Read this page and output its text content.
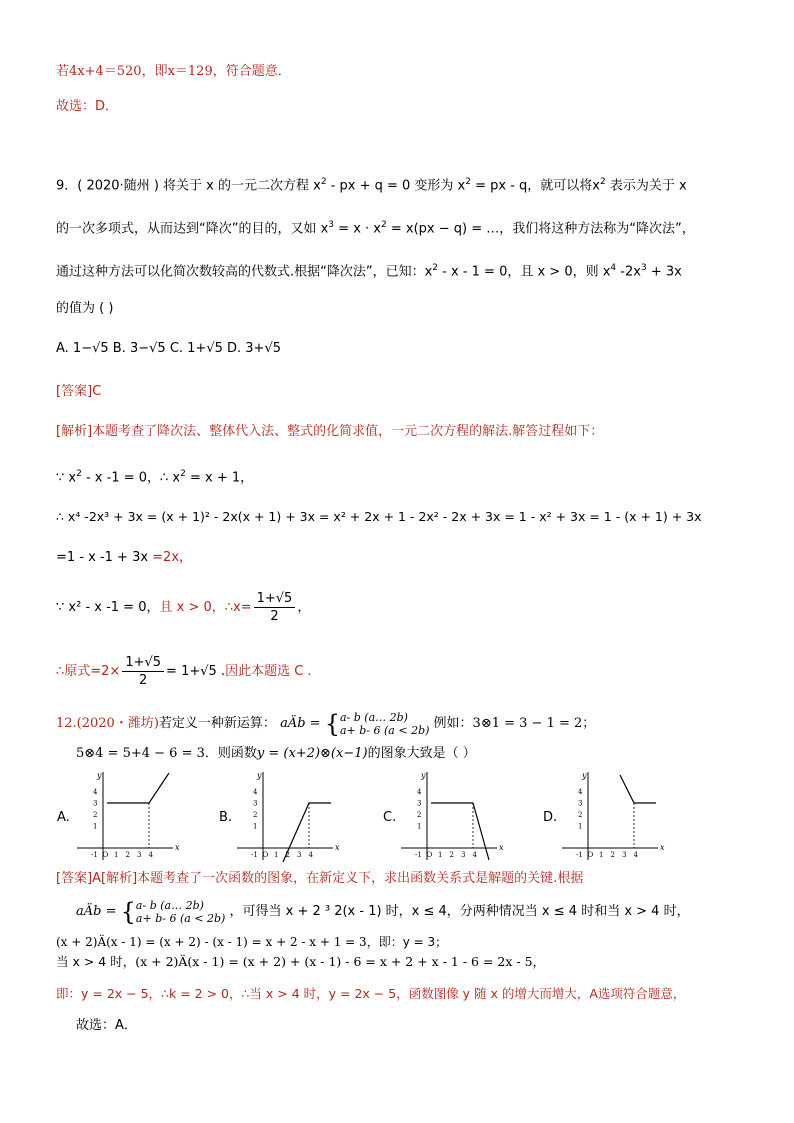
若4x+4＝520，即x＝129，符合题意．
故选：D．
9．( 2020·随州 ) 将关于 x 的一元二次方程 $x^2$ - px + q = 0 变形为 $x^2$ = px - q，就可以将$x^2$ 表示为关于 x
的一次多项式，从而达到“降次”的目的，又如 $x^3 = x \cdot x^2 = x(px - q)$ = …，我们将这种方法称为“降次法”，
通过这种方法可以化简次数较高的代数式.根据“降次法”，已知：$x^2 - x - 1 = 0$，且 x > 0，则 $x^4$ $-2x^3 + 3x$
的值为 ( )
A. 1−√5 B. 3−√5 C. 1+√5 D. 3+√5
[答案]C
[解析]本题考查了降次法、整体代入法、整式的化简求值，一元二次方程的解法.解答过程如下：
∵ $x^2$ - x -1 = 0，∴ $x^2 = x + 1$，
∴ x⁴ -2x³ + 3x = (x + 1)² - 2x(x + 1) + 3x = x² + 2x + 1 - 2x² - 2x + 3x = 1 - x² + 3x = 1 - (x + 1) + 3x
=1 - x -1 + 3x =2x，
∵ x² - x -1 = 0，且 x > 0，∴x= $\frac{1+√5}{2}$ ，
∴原式$=2\times \frac{1+√5}{2} = 1+√5$ .因此本题选 C .
12.(2020・潍坊)若定义一种新运算： aÄb = { a- b (a… 2b)
a+ b- 6 (a < 2b) 例如：3⊗1 = 3 − 1 = 2；
5⊗4 = 5+4 − 6 = 3．则函数y = (x+2)⊗(x−1)的图象大致是（ ）
A.	B.	C.	D.
x
y
4
3
2
1
-1 O 1 2 3 4
x
y
4
3
2
1
-1 O 1 2 3 4
x
y
4
3
2
1
-1 O 1 2 3 4
x
y
4
3
2
1
-1 O 1 2 3 4
[答案]A[解析]本题考查了一次函数的图象，在新定义下，求出函数关系式是解题的关键.根据
aÄb = { a- b (a… 2b)
a+ b- 6 (a < 2b) ，可得当 x + 2 ³ 2(x - 1) 时，x ≤ 4，分两种情况当 x ≤ 4 时和当 x > 4 时，
(x + 2)Ä(x - 1) = (x + 2) - (x - 1) = x + 2 - x + 1 = 3，即：y = 3；
当 x > 4 时，(x + 2)Ä(x - 1) = (x + 2) + (x - 1) - 6 = x + 2 + x - 1 - 6 = 2x - 5，
即：y = 2x − 5，∴k = 2 > 0，∴当 x > 4 时，y = 2x − 5，函数图像 y 随 x 的增大而增大，A选项符合题意，
故选：A．
